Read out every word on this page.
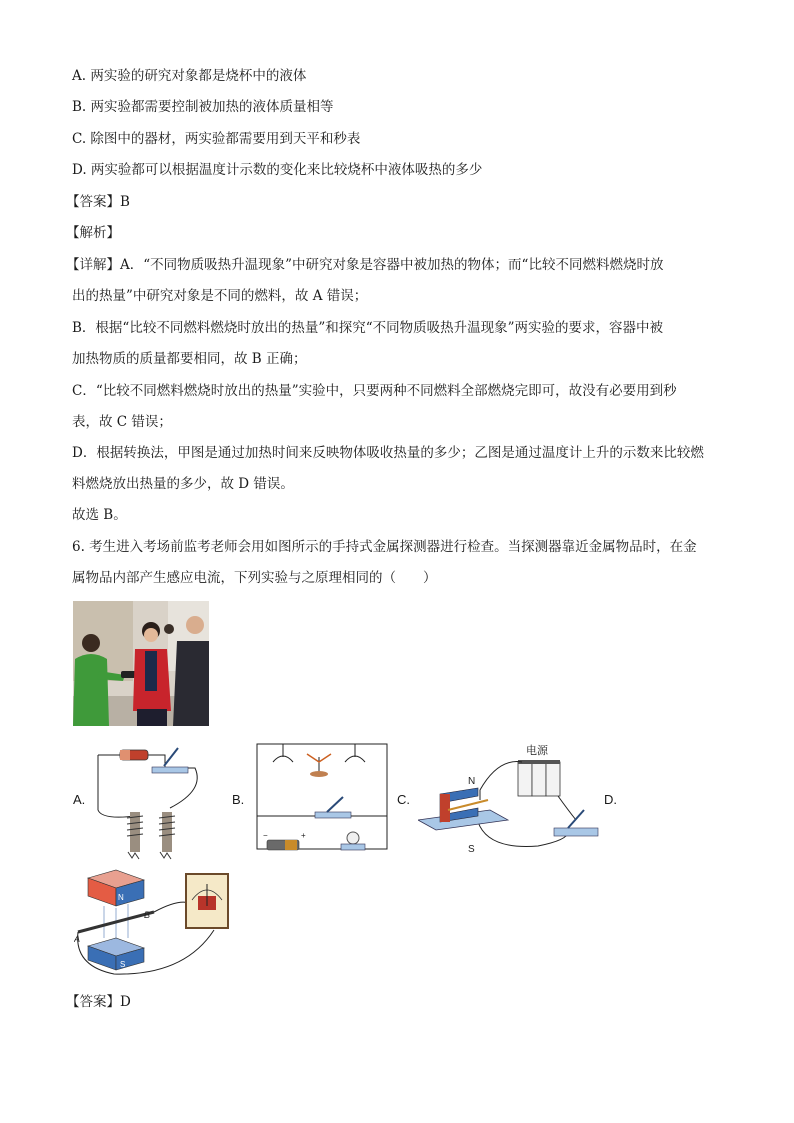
A. 两实验的研究对象都是烧杯中的液体
B. 两实验都需要控制被加热的液体质量相等
C. 除图中的器材，两实验都需要用到天平和秒表
D. 两实验都可以根据温度计示数的变化来比较烧杯中液体吸热的多少
【答案】B
【解析】
【详解】A．“不同物质吸热升温现象”中研究对象是容器中被加热的物体；而“比较不同燃料燃烧时放
出的热量”中研究对象是不同的燃料，故 A 错误；
B．根据“比较不同燃料燃烧时放出的热量”和探究“不同物质吸热升温现象”两实验的要求，容器中被
加热物质的质量都要相同，故 B 正确；
C．“比较不同燃料燃烧时放出的热量”实验中，只要两种不同燃料全部燃烧完即可，故没有必要用到秒
表，故 C 错误；
D．根据转换法，甲图是通过加热时间来反映物体吸收热量的多少；乙图是通过温度计上升的示数来比较燃
料燃烧放出热量的多少，故 D 错误。
故选 B。
6. 考生进入考场前监考老师会用如图所示的手持式金属探测器进行检查。当探测器靠近金属物品时，在金
属物品内部产生感应电流，下列实验与之原理相同的（　　）
A.	B.
−	+
C.
电源
N
S
D.
N
A
B
S
【答案】D
